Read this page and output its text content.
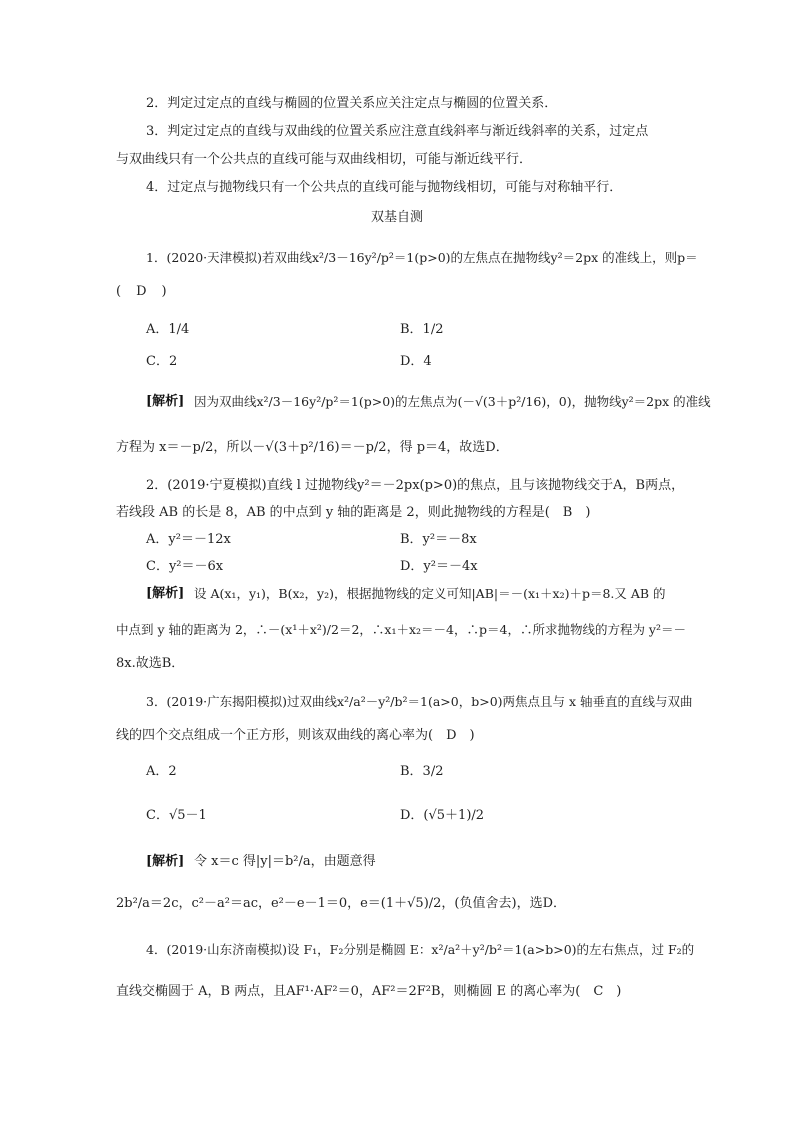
2．判定过定点的直线与椭圆的位置关系应关注定点与椭圆的位置关系．
3．判定过定点的直线与双曲线的位置关系应注意直线斜率与渐近线斜率的关系，过定点
与双曲线只有一个公共点的直线可能与双曲线相切，可能与渐近线平行．
4．过定点与抛物线只有一个公共点的直线可能与抛物线相切，可能与对称轴平行．
双基自测
1．(2020·天津模拟)若双曲线x²/3－16y²/p²＝1(p>0)的左焦点在抛物线y²＝2px 的准线上，则p＝
(　D　)
A．1/4	B．1/2
C．2	D．4
[解析] 因为双曲线x²/3－16y²/p²＝1(p>0)的左焦点为(－√(3＋p²/16)，0)，抛物线y²＝2px 的准线
方程为 x＝－p/2，所以－√(3＋p²/16)＝－p/2，得 p＝4，故选D．
2．(2019·宁夏模拟)直线 l 过抛物线y²＝－2px(p>0)的焦点，且与该抛物线交于A，B两点，
若线段 AB 的长是 8，AB 的中点到 y 轴的距离是 2，则此抛物线的方程是(　B　)
A．y²＝－12x	B．y²＝－8x
C．y²＝－6x	D．y²＝－4x
[解析] 设 A(x₁，y₁)，B(x₂，y₂)，根据抛物线的定义可知|AB|＝－(x₁＋x₂)＋p＝8.又 AB 的
中点到 y 轴的距离为 2，∴－(x¹＋x²)/2＝2，∴x₁＋x₂＝－4，∴p＝4，∴所求抛物线的方程为 y²＝－
8x.故选B．
3．(2019·广东揭阳模拟)过双曲线x²/a²－y²/b²＝1(a>0，b>0)两焦点且与 x 轴垂直的直线与双曲
线的四个交点组成一个正方形，则该双曲线的离心率为(　D　)
A．2	B．3/2
C．√5－1	D．(√5＋1)/2
[解析] 令 x＝c 得|y|＝b²/a，由题意得
2b²/a＝2c，c²－a²＝ac，e²－e－1＝0，e＝(1＋√5)/2，(负值舍去)，选D．
4．(2019·山东济南模拟)设 F₁，F₂分别是椭圆 E：x²/a²＋y²/b²＝1(a>b>0)的左右焦点，过 F₂的
直线交椭圆于 A，B 两点，且AF¹·AF²＝0，AF²＝2F²B，则椭圆 E 的离心率为(　C　)
